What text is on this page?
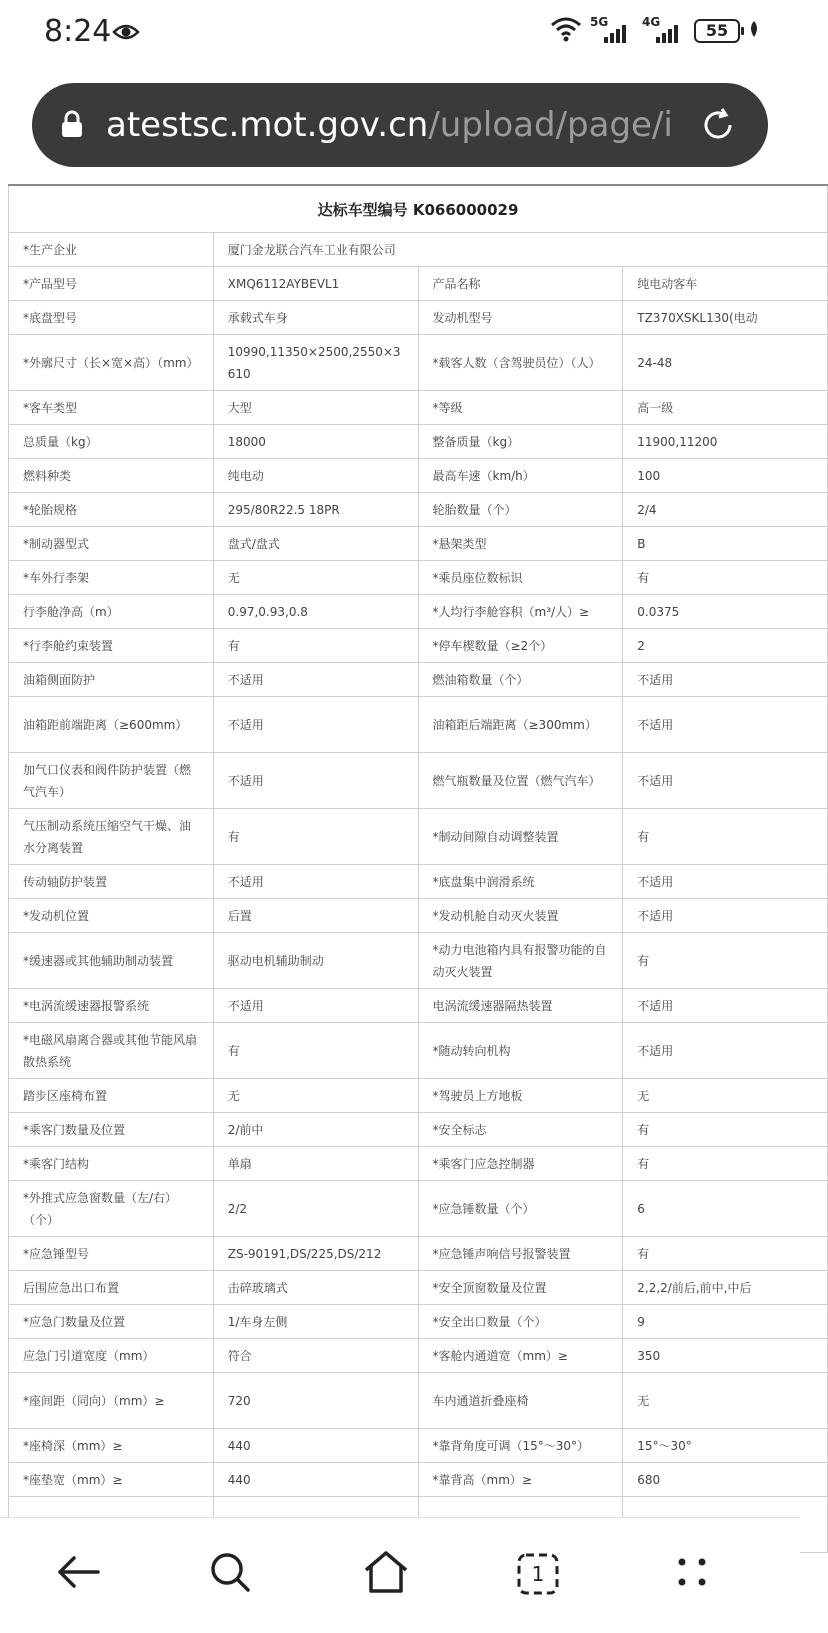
8:24	5G	4G	55
atestsc.mot.gov.cn/upload/page/i
达标车型编号 K066000029			
*生产企业	厦门金龙联合汽车工业有限公司		
*产品型号	XMQ6112AYBEVL1	产品名称	纯电动客车
*底盘型号	承载式车身	发动机型号	TZ370XSKL130(电动
*外廓尺寸（长×宽×高）（mm）	10990,11350×2500,2550×3610	*载客人数（含驾驶员位）（人）	24-48
*客车类型	大型	*等级	高一级
总质量（kg）	18000	整备质量（kg）	11900,11200
燃料种类	纯电动	最高车速（km/h）	100
*轮胎规格	295/80R22.5 18PR	轮胎数量（个）	2/4
*制动器型式	盘式/盘式	*悬架类型	B
*车外行李架	无	*乘员座位数标识	有
行李舱净高（m）	0.97,0.93,0.8	*人均行李舱容积（m³/人）≥	0.0375
*行李舱约束装置	有	*停车楔数量（≥2个）	2
油箱侧面防护	不适用	燃油箱数量（个）	不适用
油箱距前端距离（≥600mm）	不适用	油箱距后端距离（≥300mm）	不适用
加气口仪表和阀件防护装置（燃气汽车）	不适用	燃气瓶数量及位置（燃气汽车）	不适用
气压制动系统压缩空气干燥、油水分离装置	有	*制动间隙自动调整装置	有
传动轴防护装置	不适用	*底盘集中润滑系统	不适用
*发动机位置	后置	*发动机舱自动灭火装置	不适用
*缓速器或其他辅助制动装置	驱动电机辅助制动	*动力电池箱内具有报警功能的自动灭火装置	有
*电涡流缓速器报警系统	不适用	电涡流缓速器隔热装置	不适用
*电磁风扇离合器或其他节能风扇散热系统	有	*随动转向机构	不适用
踏步区座椅布置	无	*驾驶员上方地板	无
*乘客门数量及位置	2/前中	*安全标志	有
*乘客门结构	单扇	*乘客门应急控制器	有
*外推式应急窗数量（左/右）（个）	2/2	*应急锤数量（个）	6
*应急锤型号	ZS-90191,DS/225,DS/212	*应急锤声响信号报警装置	有
后围应急出口布置	击碎玻璃式	*安全顶窗数量及位置	2,2,2/前后,前中,中后
*应急门数量及位置	1/车身左侧	*安全出口数量（个）	9
应急门引道宽度（mm）	符合	*客舱内通道宽（mm）≥	350
*座间距（同向）（mm）≥	720	车内通道折叠座椅	无
*座椅深（mm）≥	440	*靠背角度可调（15°～30°）	15°～30°
*座垫宽（mm）≥	440	*靠背高（mm）≥	680

1
